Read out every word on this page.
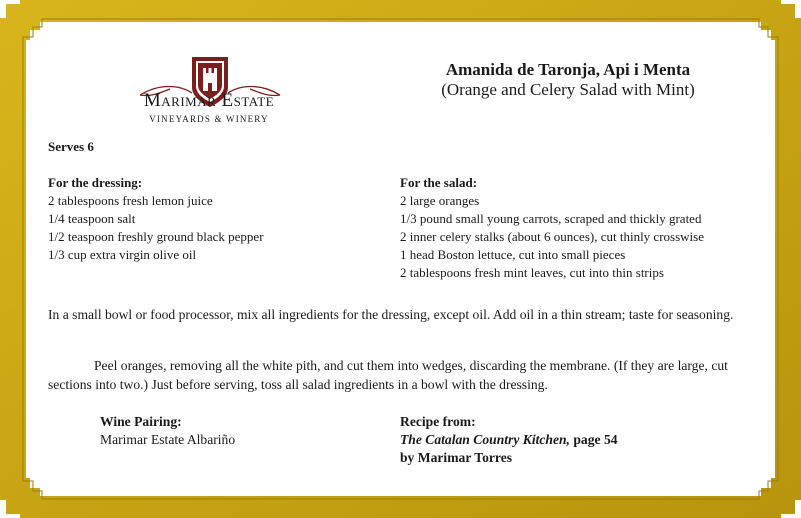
Marimar Estate
VINEYARDS & WINERY
Amanida de Taronja, Api i Menta
(Orange and Celery Salad with Mint)
Serves 6
For the dressing:
2 tablespoons fresh lemon juice
1/4 teaspoon salt
1/2 teaspoon freshly ground black pepper
1/3 cup extra virgin olive oil
For the salad:
2 large oranges
1/3 pound small young carrots, scraped and thickly grated
2 inner celery stalks (about 6 ounces), cut thinly crosswise
1 head Boston lettuce, cut into small pieces
2 tablespoons fresh mint leaves, cut into thin strips
In a small bowl or food processor, mix all ingredients for the dressing, except oil. Add oil in a thin stream; taste for seasoning.
Peel oranges, removing all the white pith, and cut them into wedges, discarding the membrane. (If they are large, cut sections into two.) Just before serving, toss all salad ingredients in a bowl with the dressing.
Wine Pairing:
Marimar Estate Albariño
Recipe from:
The Catalan Country Kitchen, page 54
by Marimar Torres
